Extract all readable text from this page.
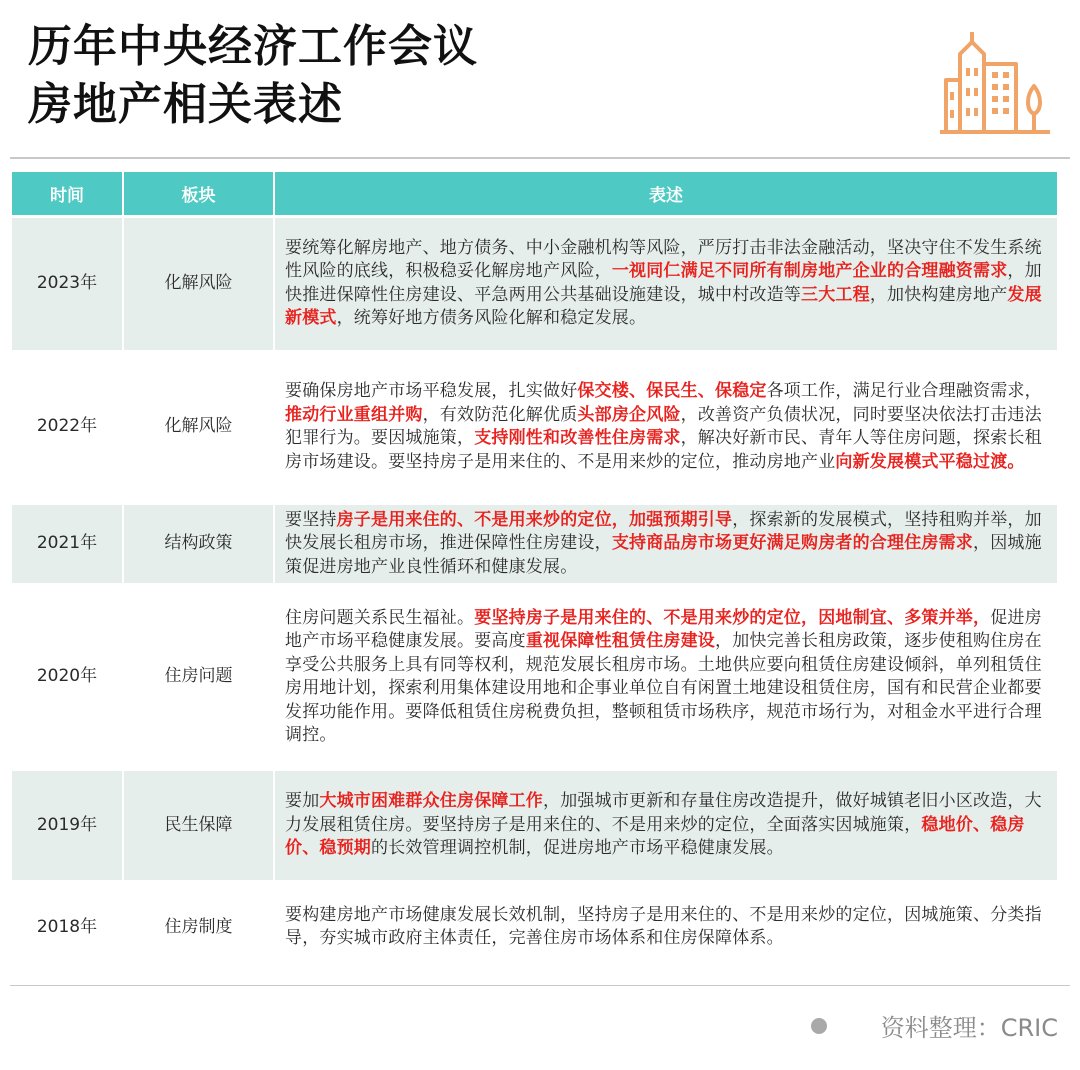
历年中央经济工作会议
房地产相关表述
时间	板块	表述
2023年	化解风险	要统筹化解房地产、地方债务、中小金融机构等风险，严厉打击非法金融活动，坚决守住不发生系统性风险的底线，积极稳妥化解房地产风险，一视同仁满足不同所有制房地产企业的合理融资需求，加快推进保障性住房建设、平急两用公共基础设施建设，城中村改造等三大工程，加快构建房地产发展新模式，统筹好地方债务风险化解和稳定发展。
2022年	化解风险	要确保房地产市场平稳发展，扎实做好保交楼、保民生、保稳定各项工作，满足行业合理融资需求，推动行业重组并购，有效防范化解优质头部房企风险，改善资产负债状况，同时要坚决依法打击违法犯罪行为。要因城施策，支持刚性和改善性住房需求，解决好新市民、青年人等住房问题，探索长租房市场建设。要坚持房子是用来住的、不是用来炒的定位，推动房地产业向新发展模式平稳过渡。
2021年	结构政策	要坚持房子是用来住的、不是用来炒的定位，加强预期引导，探索新的发展模式，坚持租购并举，加快发展长租房市场，推进保障性住房建设，支持商品房市场更好满足购房者的合理住房需求，因城施策促进房地产业良性循环和健康发展。
2020年	住房问题	住房问题关系民生福祉。要坚持房子是用来住的、不是用来炒的定位，因地制宜、多策并举，促进房地产市场平稳健康发展。要高度重视保障性租赁住房建设，加快完善长租房政策，逐步使租购住房在享受公共服务上具有同等权利，规范发展长租房市场。土地供应要向租赁住房建设倾斜，单列租赁住房用地计划，探索利用集体建设用地和企事业单位自有闲置土地建设租赁住房，国有和民营企业都要发挥功能作用。要降低租赁住房税费负担，整顿租赁市场秩序，规范市场行为，对租金水平进行合理调控。
2019年	民生保障	要加大城市困难群众住房保障工作，加强城市更新和存量住房改造提升，做好城镇老旧小区改造，大力发展租赁住房。要坚持房子是用来住的、不是用来炒的定位，全面落实因城施策，稳地价、稳房价、稳预期的长效管理调控机制，促进房地产市场平稳健康发展。
2018年	住房制度	要构建房地产市场健康发展长效机制，坚持房子是用来住的、不是用来炒的定位，因城施策、分类指导，夯实城市政府主体责任，完善住房市场体系和住房保障体系。
资料整理：CRIC
